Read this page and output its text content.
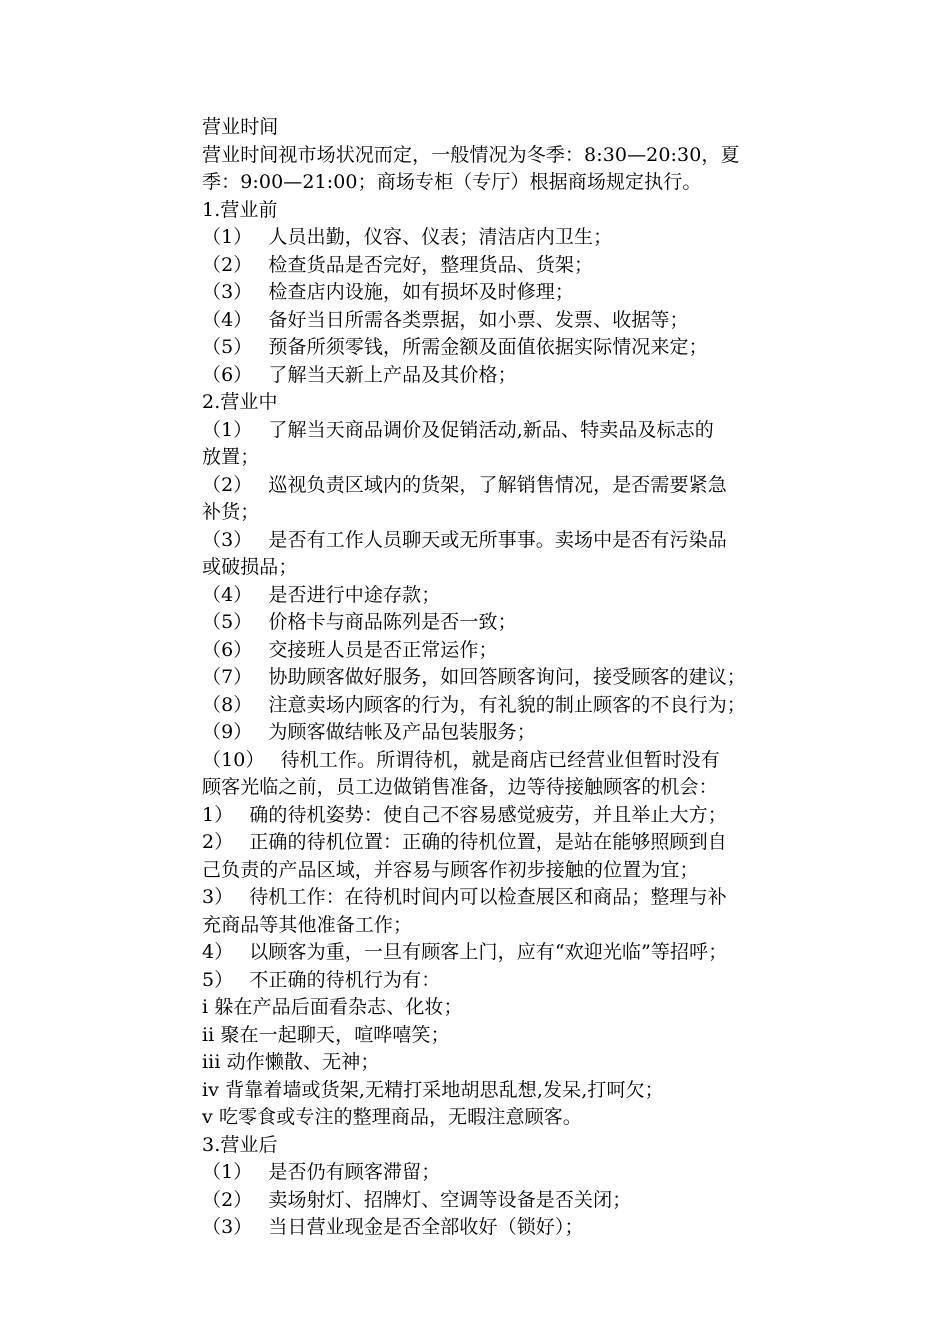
营业时间
营业时间视市场状况而定，一般情况为冬季：8:30—20:30，夏
季：9:00—21:00；商场专柜（专厅）根据商场规定执行。
1.营业前
（1） 人员出勤，仪容、仪表；清洁店内卫生；
（2） 检查货品是否完好，整理货品、货架；
（3） 检查店内设施，如有损坏及时修理；
（4） 备好当日所需各类票据，如小票、发票、收据等；
（5） 预备所须零钱，所需金额及面值依据实际情况来定；
（6） 了解当天新上产品及其价格；
2.营业中
（1） 了解当天商品调价及促销活动,新品、特卖品及标志的
放置；
（2） 巡视负责区域内的货架，了解销售情况，是否需要紧急
补货；
（3） 是否有工作人员聊天或无所事事。卖场中是否有污染品
或破损品；
（4） 是否进行中途存款；
（5） 价格卡与商品陈列是否一致；
（6） 交接班人员是否正常运作；
（7） 协助顾客做好服务，如回答顾客询问，接受顾客的建议；
（8） 注意卖场内顾客的行为，有礼貌的制止顾客的不良行为；
（9） 为顾客做结帐及产品包装服务；
（10） 待机工作。所谓待机，就是商店已经营业但暂时没有
顾客光临之前，员工边做销售准备，边等待接触顾客的机会：
1） 确的待机姿势：使自己不容易感觉疲劳，并且举止大方；
2） 正确的待机位置：正确的待机位置，是站在能够照顾到自
己负责的产品区域，并容易与顾客作初步接触的位置为宜；
3） 待机工作：在待机时间内可以检查展区和商品；整理与补
充商品等其他准备工作；
4） 以顾客为重，一旦有顾客上门，应有“欢迎光临”等招呼；
5） 不正确的待机行为有：
i 躲在产品后面看杂志、化妆；
ii 聚在一起聊天，喧哗嘻笑；
iii 动作懒散、无神；
iv 背靠着墙或货架,无精打采地胡思乱想,发呆,打呵欠；
v 吃零食或专注的整理商品，无暇注意顾客。
3.营业后
（1） 是否仍有顾客滞留；
（2） 卖场射灯、招牌灯、空调等设备是否关闭；
（3） 当日营业现金是否全部收好（锁好）；
